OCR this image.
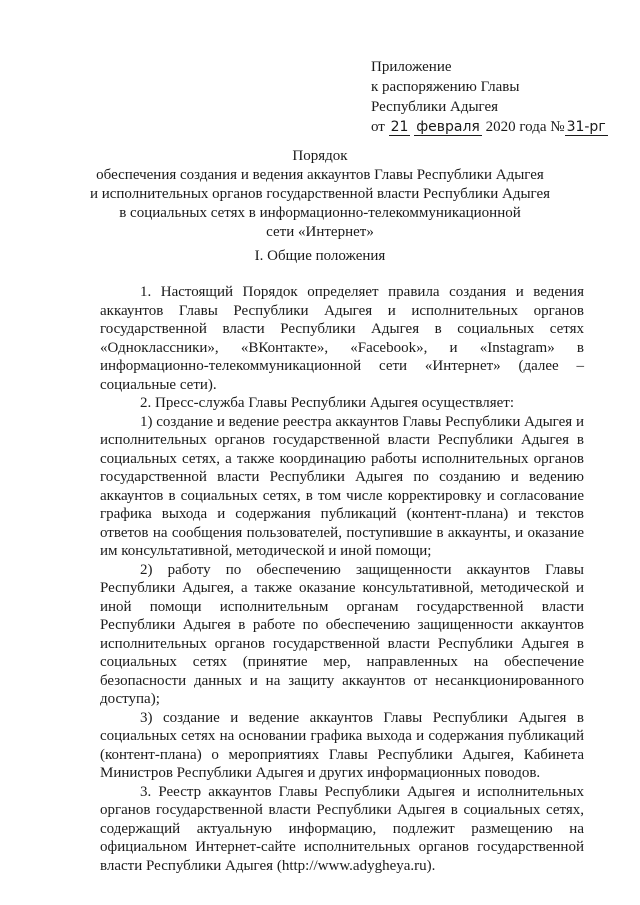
Приложение
к распоряжению Главы
Республики Адыгея
от 21 февраля 2020 года № 31-рг
Порядок
обеспечения создания и ведения аккаунтов Главы Республики Адыгея
и исполнительных органов государственной власти Республики Адыгея
в социальных сетях в информационно-телекоммуникационной
сети «Интернет»
I. Общие положения

1. Настоящий Порядок определяет правила создания и ведения аккаунтов Главы Республики Адыгея и исполнительных органов государственной власти Республики Адыгея в социальных сетях «Одноклассники», «ВКонтакте», «Facebook», и «Instagram» в информационно-телекоммуникационной сети «Интернет» (далее – социальные сети).

2. Пресс-служба Главы Республики Адыгея осуществляет:

1) создание и ведение реестра аккаунтов Главы Республики Адыгея и исполнительных органов государственной власти Республики Адыгея в социальных сетях, а также координацию работы исполнительных органов государственной власти Республики Адыгея по созданию и ведению аккаунтов в социальных сетях, в том числе корректировку и согласование графика выхода и содержания публикаций (контент-плана) и текстов ответов на сообщения пользователей, поступившие в аккаунты, и оказание им консультативной, методической и иной помощи;

2) работу по обеспечению защищенности аккаунтов Главы Республики Адыгея, а также оказание консультативной, методической и иной помощи исполнительным органам государственной власти Республики Адыгея в работе по обеспечению защищенности аккаунтов исполнительных органов государственной власти Республики Адыгея в социальных сетях (принятие мер, направленных на обеспечение безопасности данных и на защиту аккаунтов от несанкционированного доступа);

3) создание и ведение аккаунтов Главы Республики Адыгея в социальных сетях на основании графика выхода и содержания публикаций (контент-плана) о мероприятиях Главы Республики Адыгея, Кабинета Министров Республики Адыгея и других информационных поводов.

3. Реестр аккаунтов Главы Республики Адыгея и исполнительных органов государственной власти Республики Адыгея в социальных сетях, содержащий актуальную информацию, подлежит размещению на официальном Интернет-сайте исполнительных органов государственной власти Республики Адыгея (http://www.adygheya.ru).
